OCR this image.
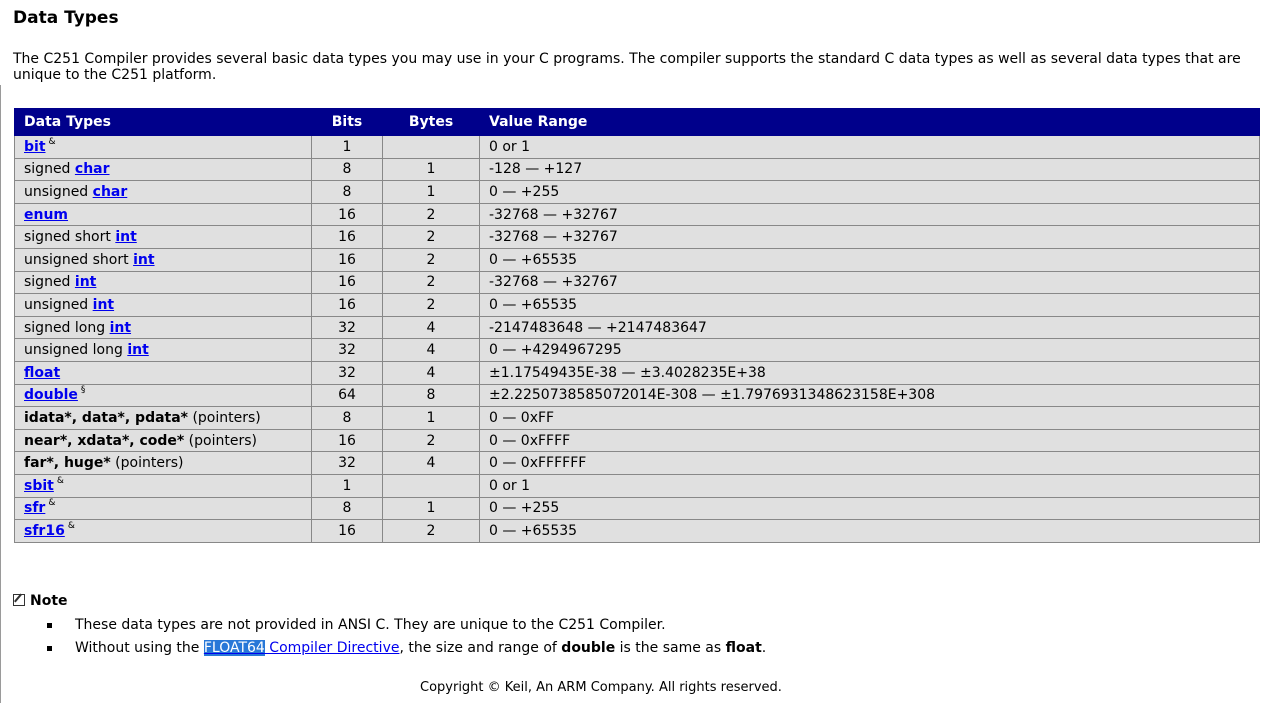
Data Types

The C251 Compiler provides several basic data types you may use in your C programs. The compiler supports the standard C data types as well as several data types that are unique to the C251 platform.

Data Types	Bits	Bytes	Value Range
bit &	1		0 or 1
signed char	8	1	-128 — +127
unsigned char	8	1	0 — +255
enum	16	2	-32768 — +32767
signed short int	16	2	-32768 — +32767
unsigned short int	16	2	0 — +65535
signed int	16	2	-32768 — +32767
unsigned int	16	2	0 — +65535
signed long int	32	4	-2147483648 — +2147483647
unsigned long int	32	4	0 — +4294967295
float	32	4	±1.17549435E-38 — ±3.4028235E+38
double §	64	8	±2.2250738585072014E-308 — ±1.7976931348623158E+308
idata*, data*, pdata* (pointers)	8	1	0 — 0xFF
near*, xdata*, code* (pointers)	16	2	0 — 0xFFFF
far*, huge* (pointers)	32	4	0 — 0xFFFFFF
sbit &	1		0 or 1
sfr &	8	1	0 — +255
sfr16 &	16	2	0 — +65535
Note
These data types are not provided in ANSI C. They are unique to the C251 Compiler.
Without using the FLOAT64 Compiler Directive, the size and range of double is the same as float.
Copyright © Keil, An ARM Company. All rights reserved.
